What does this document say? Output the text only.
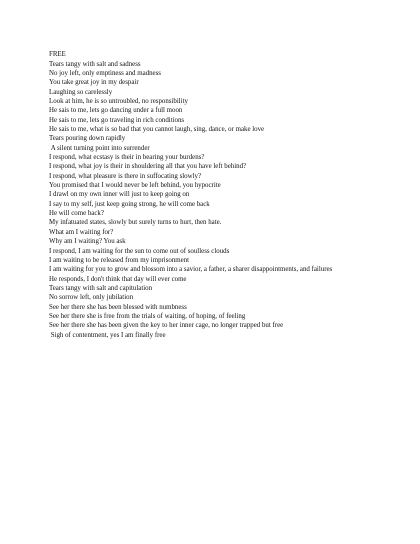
FREE
Tears tangy with salt and sadness
No joy left, only emptiness and madness
You take great joy in my despair
Laughing so carelessly
Look at him, he is so untroubled, no responsibility
He sais to me, lets go dancing under a full moon
He sais to me, lets go traveling in rich conditions
He sais to me, what is so bad that you cannot laugh, sing, dance, or make love
Tears pouring down rapidly
A silent turning point into surrender
I respond, what ecstasy is their in bearing your burdens?
I respond, what joy is their in shouldering all that you have left behind?
I respond, what pleasure is there in suffocating slowly?
You promised that I would never be left behind, you hypocrite
I drawl on my own inner will just to keep going on
I say to my self, just keep going strong, he will come back
He will come back?
My infatuated states, slowly but surely turns to hurt, then hate.
What am I waiting for?
Why am I waiting? You ask
I respond, I am waiting for the sun to come out of soulless clouds
I am waiting to be released from my imprisonment
I am waiting for you to grow and blossom into a savior, a father, a sharer disappointments, and failures
He responds, I don't think that day will ever come
Tears tangy with salt and capitulation
No sorrow left, only jubilation
See her there she has been blessed with numbness
See her there she is free from the trials of waiting, of hoping, of feeling
See her there she has been given the key to her inner cage, no longer trapped but free
Sigh of contentment, yes I am finally free
